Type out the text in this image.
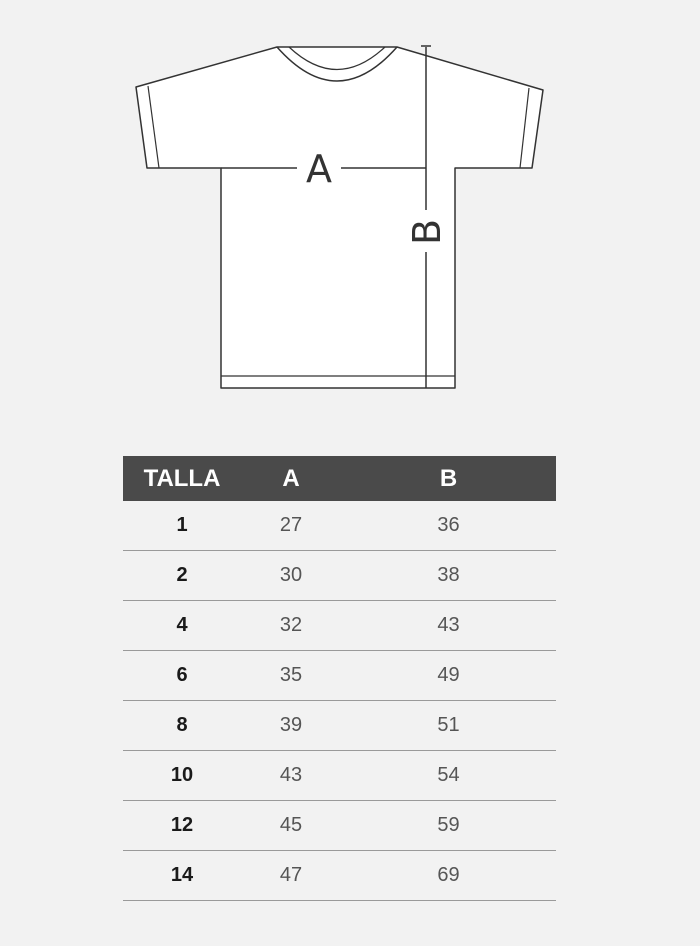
A
B
TALLA	A	B
1	27	36
2	30	38
4	32	43
6	35	49
8	39	51
10	43	54
12	45	59
14	47	69
